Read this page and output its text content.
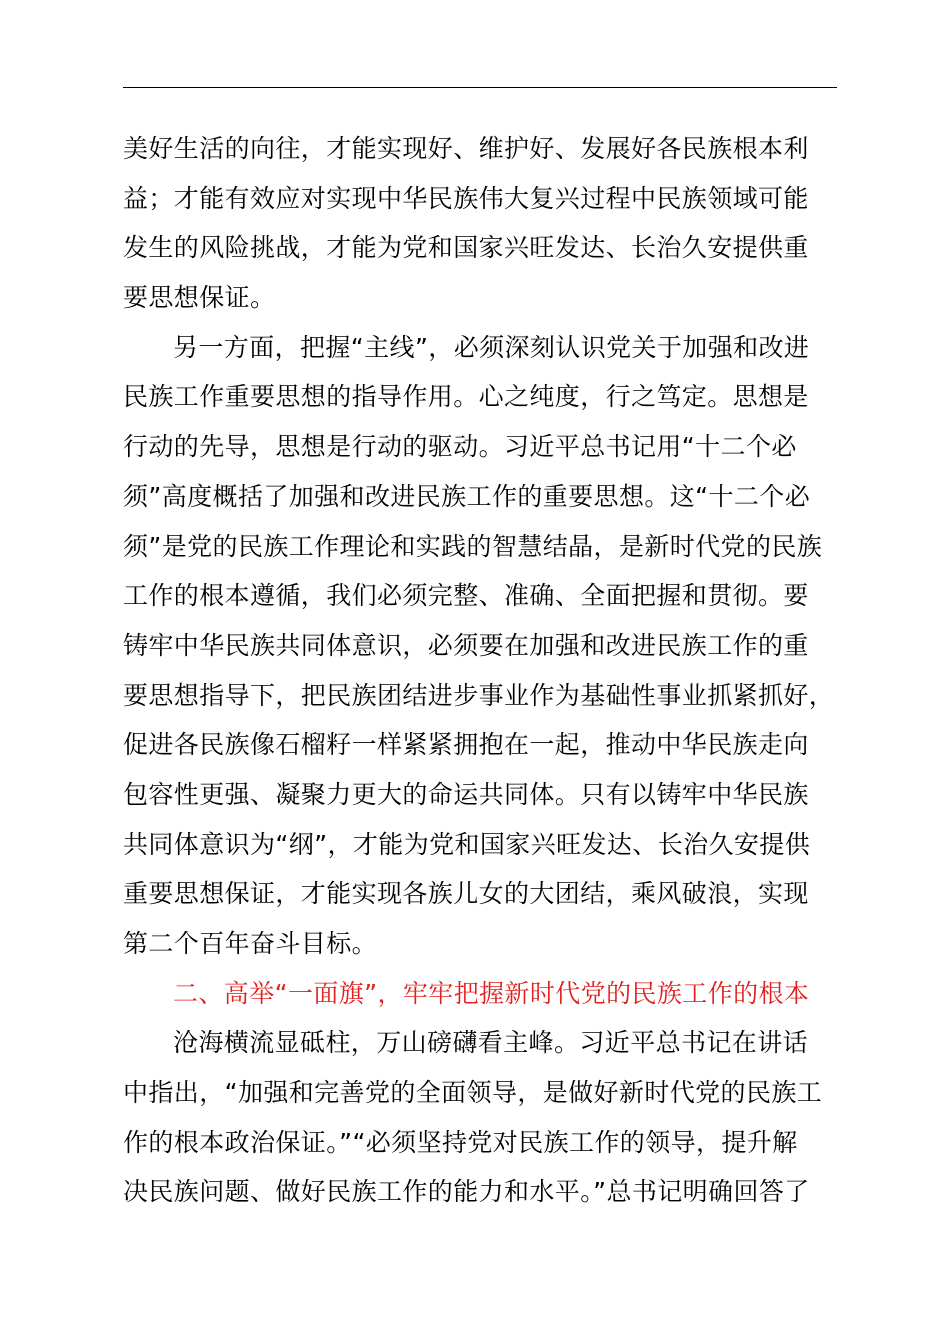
美好生活的向往，才能实现好、维护好、发展好各民族根本利
益；才能有效应对实现中华民族伟大复兴过程中民族领域可能
发生的风险挑战，才能为党和国家兴旺发达、长治久安提供重
要思想保证。
另一方面，把握“主线”，必须深刻认识党关于加强和改进
民族工作重要思想的指导作用。心之纯度，行之笃定。思想是
行动的先导，思想是行动的驱动。习近平总书记用“十二个必
须”高度概括了加强和改进民族工作的重要思想。这“十二个必
须”是党的民族工作理论和实践的智慧结晶，是新时代党的民族
工作的根本遵循，我们必须完整、准确、全面把握和贯彻。要
铸牢中华民族共同体意识，必须要在加强和改进民族工作的重
要思想指导下，把民族团结进步事业作为基础性事业抓紧抓好，
促进各民族像石榴籽一样紧紧拥抱在一起，推动中华民族走向
包容性更强、凝聚力更大的命运共同体。只有以铸牢中华民族
共同体意识为“纲”，才能为党和国家兴旺发达、长治久安提供
重要思想保证，才能实现各族儿女的大团结，乘风破浪，实现
第二个百年奋斗目标。
二、高举“一面旗”，牢牢把握新时代党的民族工作的根本
沧海横流显砥柱，万山磅礴看主峰。习近平总书记在讲话
中指出，“加强和完善党的全面领导，是做好新时代党的民族工
作的根本政治保证。”“必须坚持党对民族工作的领导，提升解
决民族问题、做好民族工作的能力和水平。”总书记明确回答了
